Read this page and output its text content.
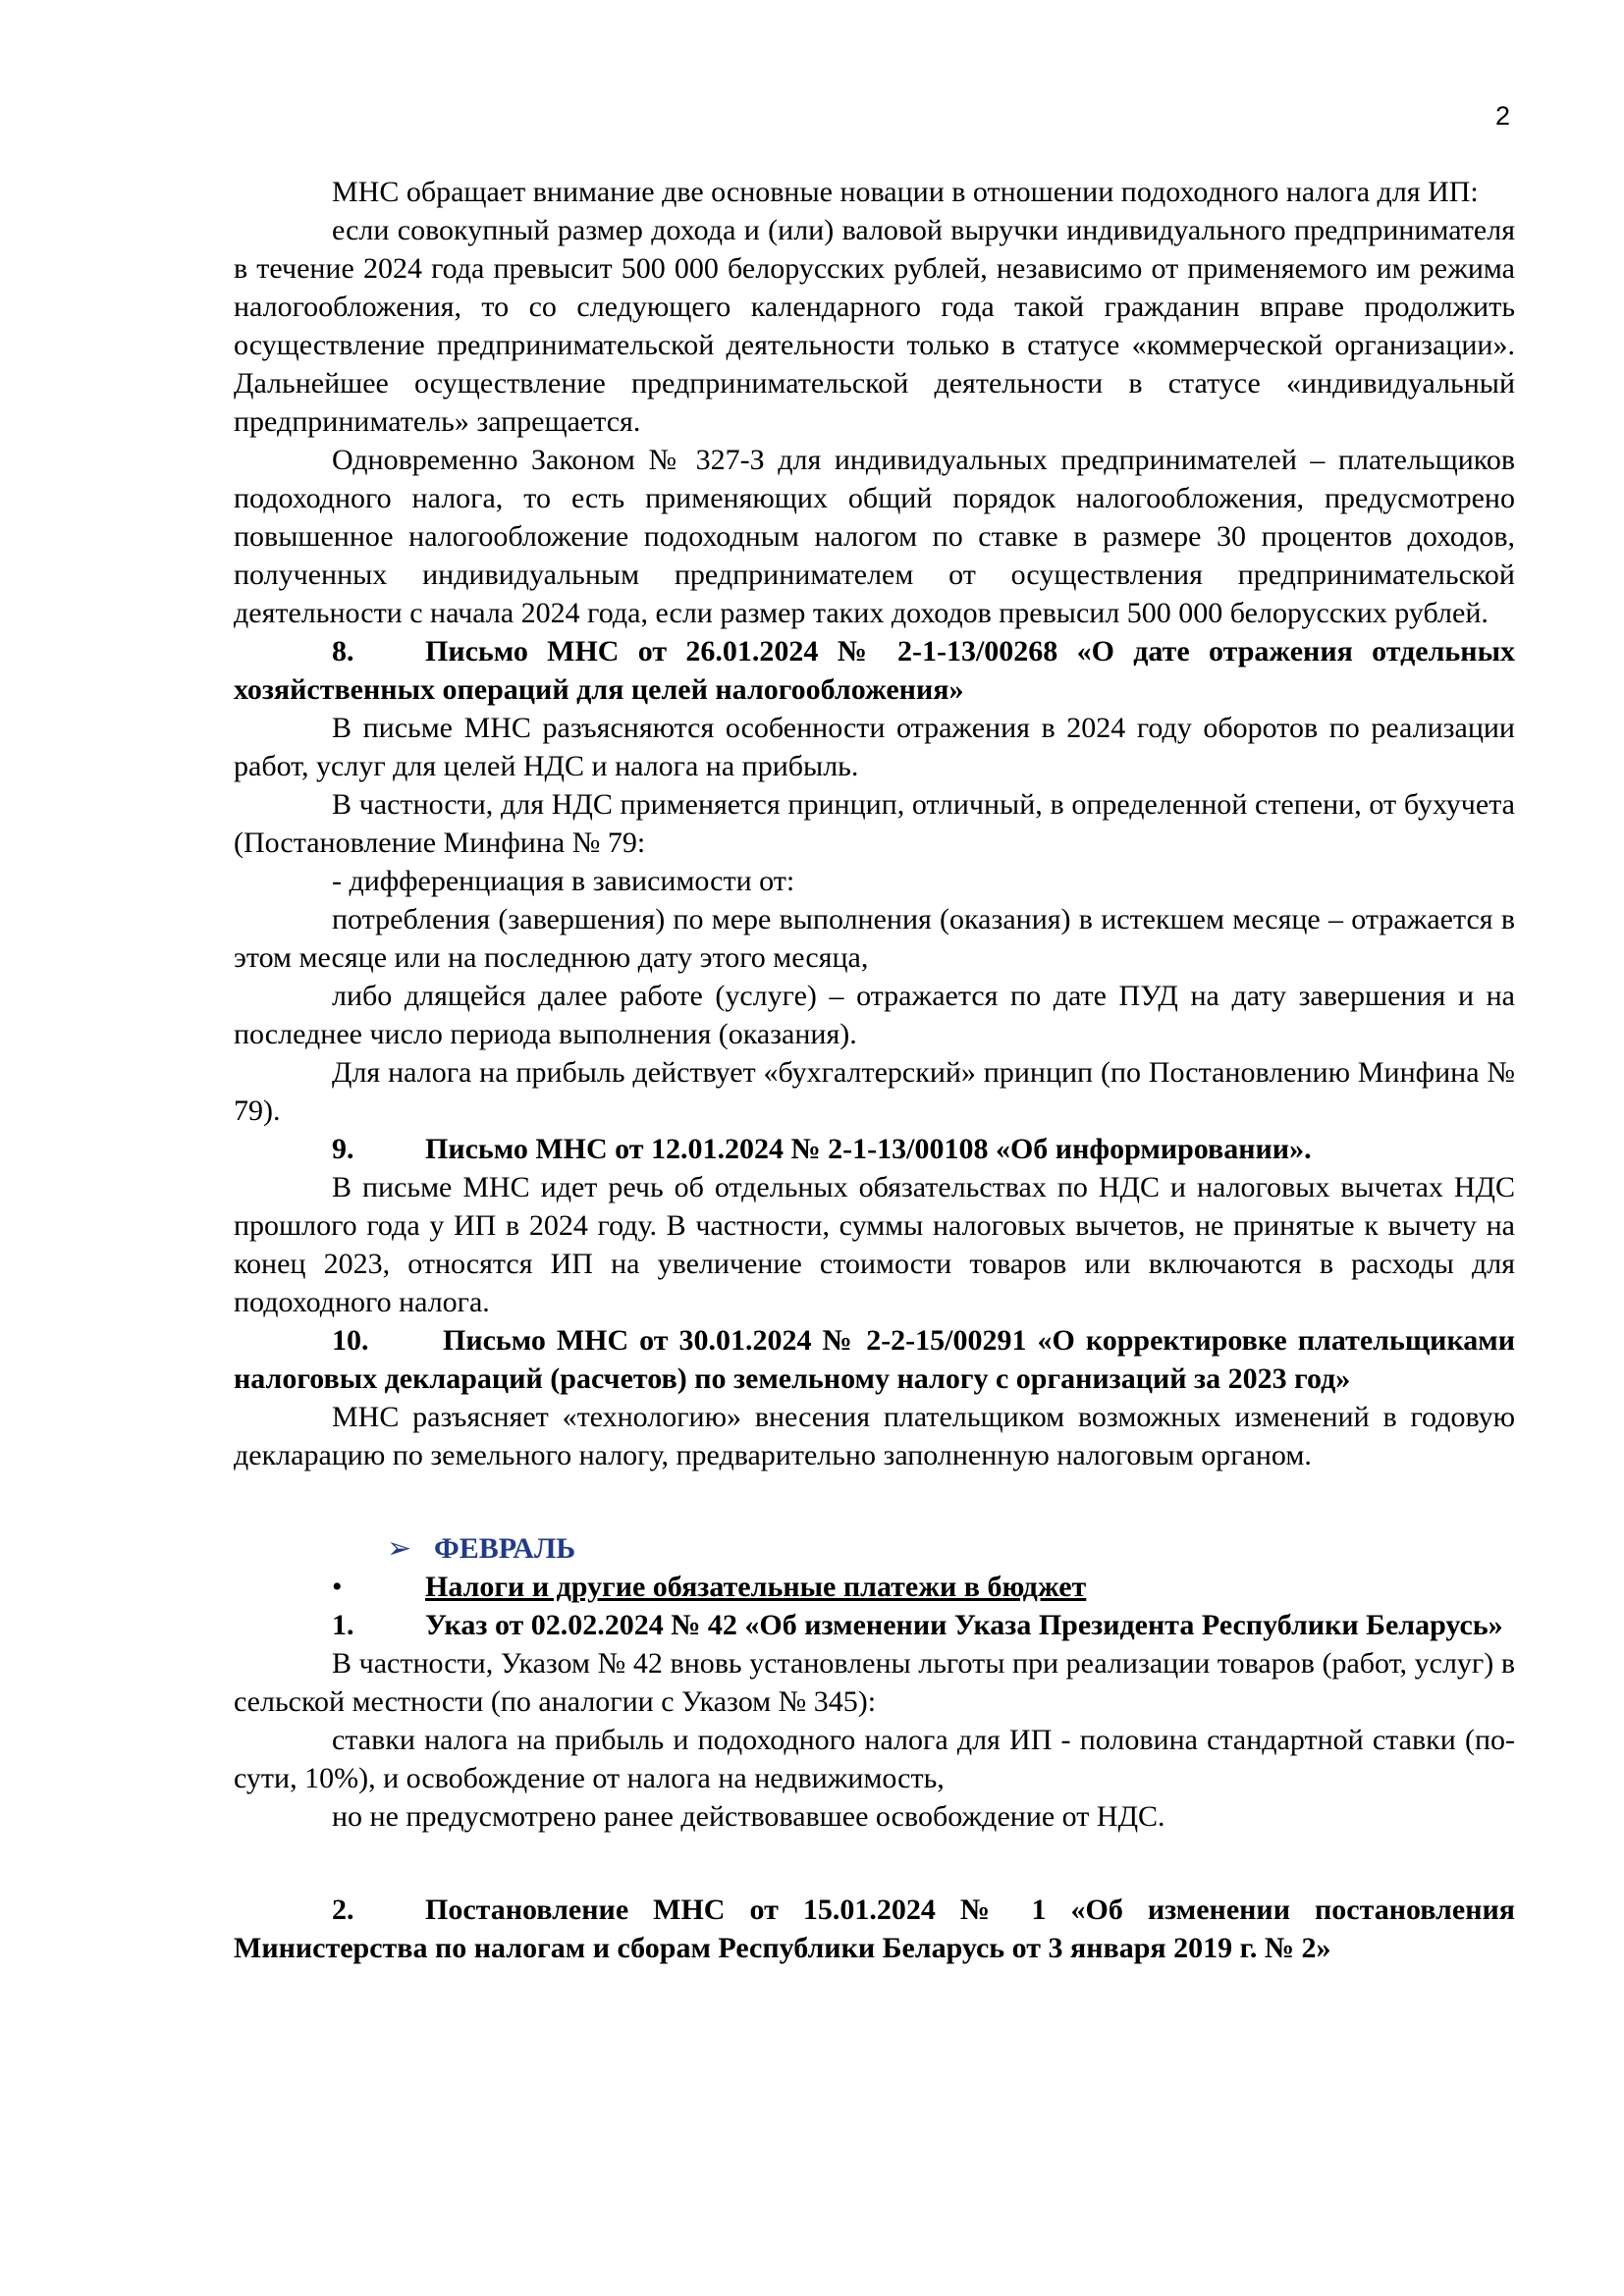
2

МНС обращает внимание две основные новации в отношении подоходного налога для ИП:

если совокупный размер дохода и (или) валовой выручки индивидуального предпринимателя в течение 2024 года превысит 500 000 белорусских рублей, независимо от применяемого им режима налогообложения, то со следующего календарного года такой гражданин вправе продолжить осуществление предпринимательской деятельности только в статусе «коммерческой организации». Дальнейшее осуществление предпринимательской деятельности в статусе «индивидуальный предприниматель» запрещается.

Одновременно Законом № 327-З для индивидуальных предпринимателей – плательщиков подоходного налога, то есть применяющих общий порядок налогообложения, предусмотрено повышенное налогообложение подоходным налогом по ставке в размере 30 процентов доходов, полученных индивидуальным предпринимателем от осуществления предпринимательской деятельности с начала 2024 года, если размер таких доходов превысил 500 000 белорусских рублей.

8. Письмо МНС от 26.01.2024 № 2-1-13/00268 «О дате отражения отдельных хозяйственных операций для целей налогообложения»

В письме МНС разъясняются особенности отражения в 2024 году оборотов по реализации работ, услуг для целей НДС и налога на прибыль.

В частности, для НДС применяется принцип, отличный, в определенной степени, от бухучета (Постановление Минфина № 79:

- дифференциация в зависимости от:

потребления (завершения) по мере выполнения (оказания) в истекшем месяце – отражается в этом месяце или на последнюю дату этого месяца,

либо длящейся далее работе (услуге) – отражается по дате ПУД на дату завершения и на последнее число периода выполнения (оказания).

Для налога на прибыль действует «бухгалтерский» принцип (по Постановлению Минфина № 79).

9. Письмо МНС от 12.01.2024 № 2-1-13/00108 «Об информировании».

В письме МНС идет речь об отдельных обязательствах по НДС и налоговых вычетах НДС прошлого года у ИП в 2024 году. В частности, суммы налоговых вычетов, не принятые к вычету на конец 2023, относятся ИП на увеличение стоимости товаров или включаются в расходы для подоходного налога.

10.	Письмо МНС от 30.01.2024 № 2-2-15/00291 «О корректировке плательщиками налоговых деклараций (расчетов) по земельному налогу с организаций за 2023 год»

МНС разъясняет «технологию» внесения плательщиком возможных изменений в годовую декларацию по земельного налогу, предварительно заполненную налоговым органом.

➢ ФЕВРАЛЬ

•	Налоги и другие обязательные платежи в бюджет

1. Указ от 02.02.2024 № 42 «Об изменении Указа Президента Республики Беларусь»

В частности, Указом № 42 вновь установлены льготы при реализации товаров (работ, услуг) в сельской местности (по аналогии с Указом № 345):

ставки налога на прибыль и подоходного налога для ИП - половина стандартной ставки (по-сути, 10%), и освобождение от налога на недвижимость,

но не предусмотрено ранее действовавшее освобождение от НДС.

2. Постановление МНС от 15.01.2024 № 1 «Об изменении постановления Министерства по налогам и сборам Республики Беларусь от 3 января 2019 г. № 2»
